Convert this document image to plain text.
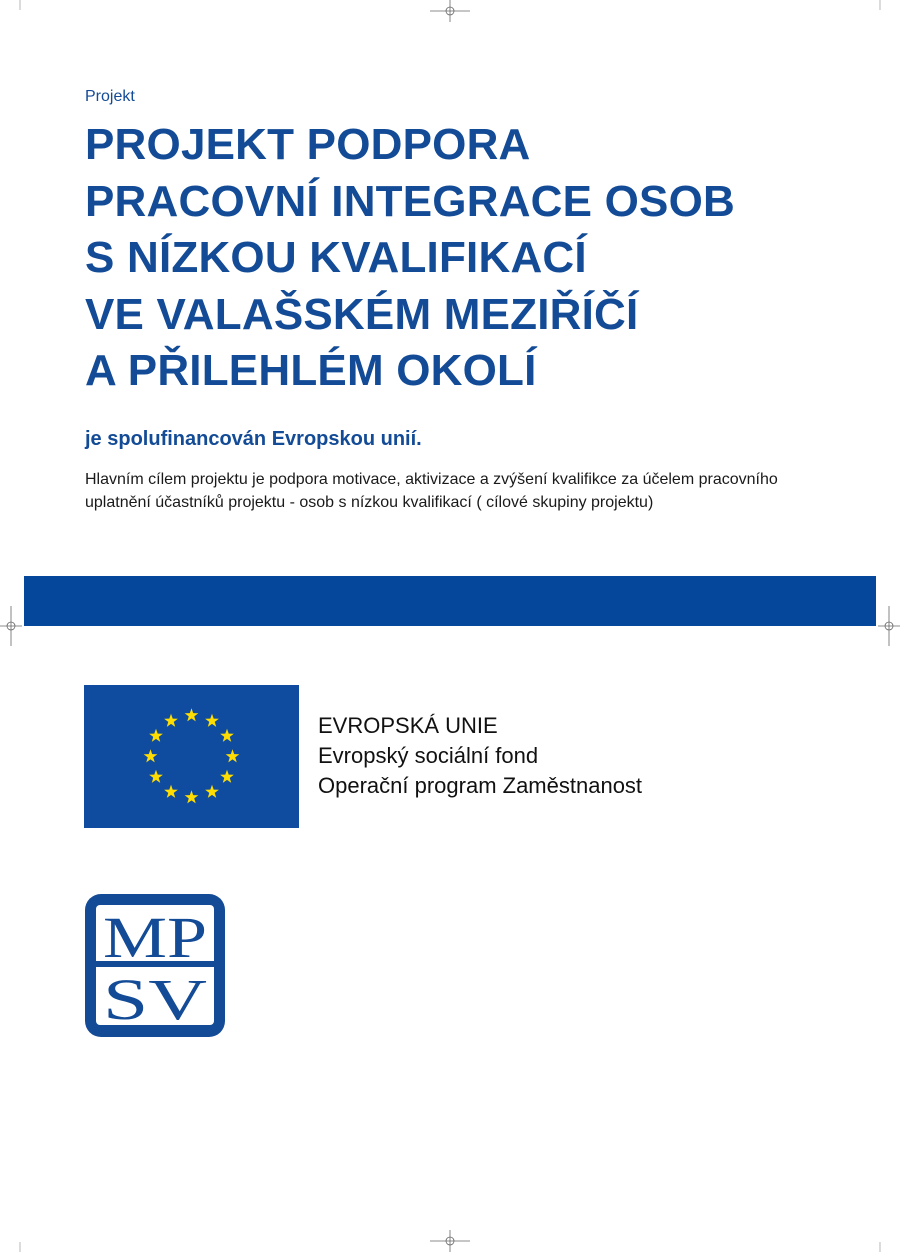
Projekt
PROJEKT PODPORA
PRACOVNÍ INTEGRACE OSOB
S NÍZKOU KVALIFIKACÍ
VE VALAŠSKÉM MEZIŘÍČÍ
A PŘILEHLÉM OKOLÍ
je spolufinancován Evropskou unií.
Hlavním cílem projektu je podpora motivace, aktivizace a zvýšení kvalifikce za účelem pracovního uplatnění účastníků projektu - osob s nízkou kvalifikací ( cílové skupiny projektu)
EVROPSKÁ UNIE
Evropský sociální fond
Operační program Zaměstnanost
MP
SV
